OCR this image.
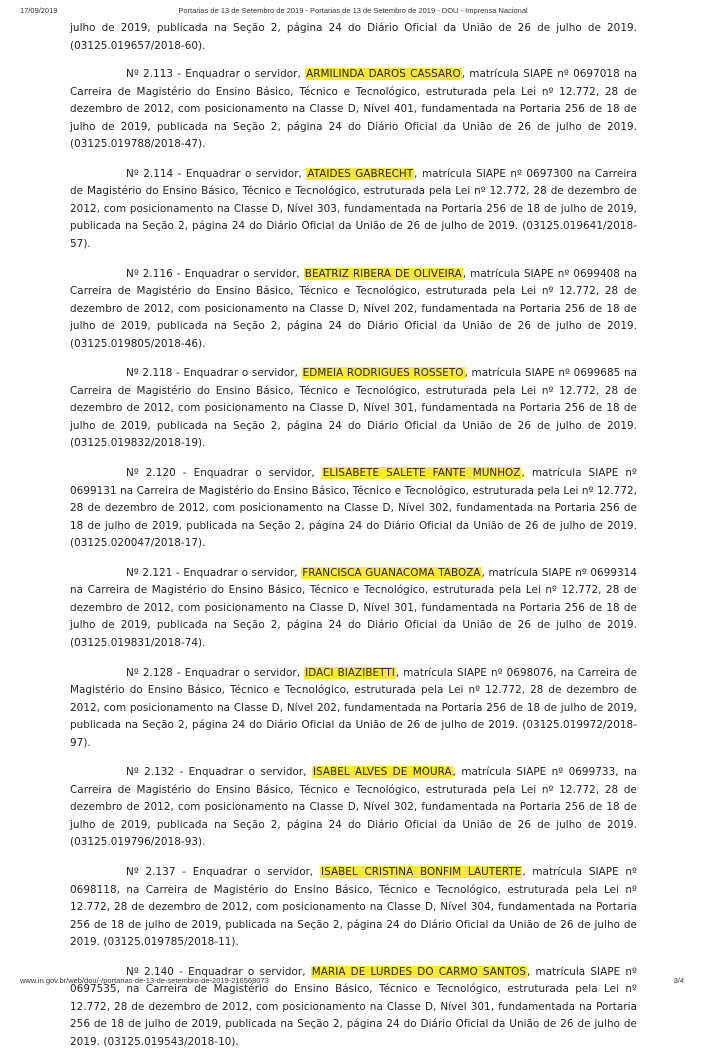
17/09/2019	Portarias de 13 de Setembro de 2019 - Portarias de 13 de Setembro de 2019 - DOU - Imprensa Nacional

julho de 2019, publicada na Seção 2, página 24 do Diário Oficial da União de 26 de julho de 2019. (03125.019657/2018-60).

Nº 2.113 - Enquadrar o servidor, ARMILINDA DAROS CASSARO, matrícula SIAPE nº 0697018 na Carreira de Magistério do Ensino Básico, Técnico e Tecnológico, estruturada pela Lei nº 12.772, 28 de dezembro de 2012, com posicionamento na Classe D, Nível 401, fundamentada na Portaria 256 de 18 de julho de 2019, publicada na Seção 2, página 24 do Diário Oficial da União de 26 de julho de 2019. (03125.019788/2018-47).

Nº 2.114 - Enquadrar o servidor, ATAIDES GABRECHT, matrícula SIAPE nº 0697300 na Carreira de Magistério do Ensino Básico, Técnico e Tecnológico, estruturada pela Lei nº 12.772, 28 de dezembro de 2012, com posicionamento na Classe D, Nível 303, fundamentada na Portaria 256 de 18 de julho de 2019, publicada na Seção 2, página 24 do Diário Oficial da União de 26 de julho de 2019. (03125.019641/2018-57).

Nº 2.116 - Enquadrar o servidor, BEATRIZ RIBERA DE OLIVEIRA, matrícula SIAPE nº 0699408 na Carreira de Magistério do Ensino Básico, Técnico e Tecnológico, estruturada pela Lei nº 12.772, 28 de dezembro de 2012, com posicionamento na Classe D, Nível 202, fundamentada na Portaria 256 de 18 de julho de 2019, publicada na Seção 2, página 24 do Diário Oficial da União de 26 de julho de 2019. (03125.019805/2018-46).

Nº 2.118 - Enquadrar o servidor, EDMEIA RODRIGUES ROSSETO, matrícula SIAPE nº 0699685 na Carreira de Magistério do Ensino Básico, Técnico e Tecnológico, estruturada pela Lei nº 12.772, 28 de dezembro de 2012, com posicionamento na Classe D, Nível 301, fundamentada na Portaria 256 de 18 de julho de 2019, publicada na Seção 2, página 24 do Diário Oficial da União de 26 de julho de 2019. (03125.019832/2018-19).

Nº 2.120 - Enquadrar o servidor, ELISABETE SALETE FANTE MUNHOZ, matrícula SIAPE nº 0699131 na Carreira de Magistério do Ensino Básico, Técnico e Tecnológico, estruturada pela Lei nº 12.772, 28 de dezembro de 2012, com posicionamento na Classe D, Nível 302, fundamentada na Portaria 256 de 18 de julho de 2019, publicada na Seção 2, página 24 do Diário Oficial da União de 26 de julho de 2019. (03125.020047/2018-17).

Nº 2.121 - Enquadrar o servidor, FRANCISCA GUANACOMA TABOZA, matrícula SIAPE nº 0699314 na Carreira de Magistério do Ensino Básico, Técnico e Tecnológico, estruturada pela Lei nº 12.772, 28 de dezembro de 2012, com posicionamento na Classe D, Nível 301, fundamentada na Portaria 256 de 18 de julho de 2019, publicada na Seção 2, página 24 do Diário Oficial da União de 26 de julho de 2019. (03125.019831/2018-74).

Nº 2.128 - Enquadrar o servidor, IDACI BIAZIBETTI, matrícula SIAPE nº 0698076, na Carreira de Magistério do Ensino Básico, Técnico e Tecnológico, estruturada pela Lei nº 12.772, 28 de dezembro de 2012, com posicionamento na Classe D, Nível 202, fundamentada na Portaria 256 de 18 de julho de 2019, publicada na Seção 2, página 24 do Diário Oficial da União de 26 de julho de 2019. (03125.019972/2018-97).

Nº 2.132 - Enquadrar o servidor, ISABEL ALVES DE MOURA, matrícula SIAPE nº 0699733, na Carreira de Magistério do Ensino Básico, Técnico e Tecnológico, estruturada pela Lei nº 12.772, 28 de dezembro de 2012, com posicionamento na Classe D, Nível 302, fundamentada na Portaria 256 de 18 de julho de 2019, publicada na Seção 2, página 24 do Diário Oficial da União de 26 de julho de 2019. (03125.019796/2018-93).

Nº 2.137 - Enquadrar o servidor, ISABEL CRISTINA BONFIM LAUTERTE, matrícula SIAPE nº 0698118, na Carreira de Magistério do Ensino Básico, Técnico e Tecnológico, estruturada pela Lei nº 12.772, 28 de dezembro de 2012, com posicionamento na Classe D, Nível 304, fundamentada na Portaria 256 de 18 de julho de 2019, publicada na Seção 2, página 24 do Diário Oficial da União de 26 de julho de 2019. (03125.019785/2018-11).

Nº 2.140 - Enquadrar o servidor, MARIA DE LURDES DO CARMO SANTOS, matrícula SIAPE nº 0697535, na Carreira de Magistério do Ensino Básico, Técnico e Tecnológico, estruturada pela Lei nº 12.772, 28 de dezembro de 2012, com posicionamento na Classe D, Nível 301, fundamentada na Portaria 256 de 18 de julho de 2019, publicada na Seção 2, página 24 do Diário Oficial da União de 26 de julho de 2019. (03125.019543/2018-10).

www.in.gov.br/web/dou/-/portarias-de-13-de-setembro-de-2019-216568073	3/4
